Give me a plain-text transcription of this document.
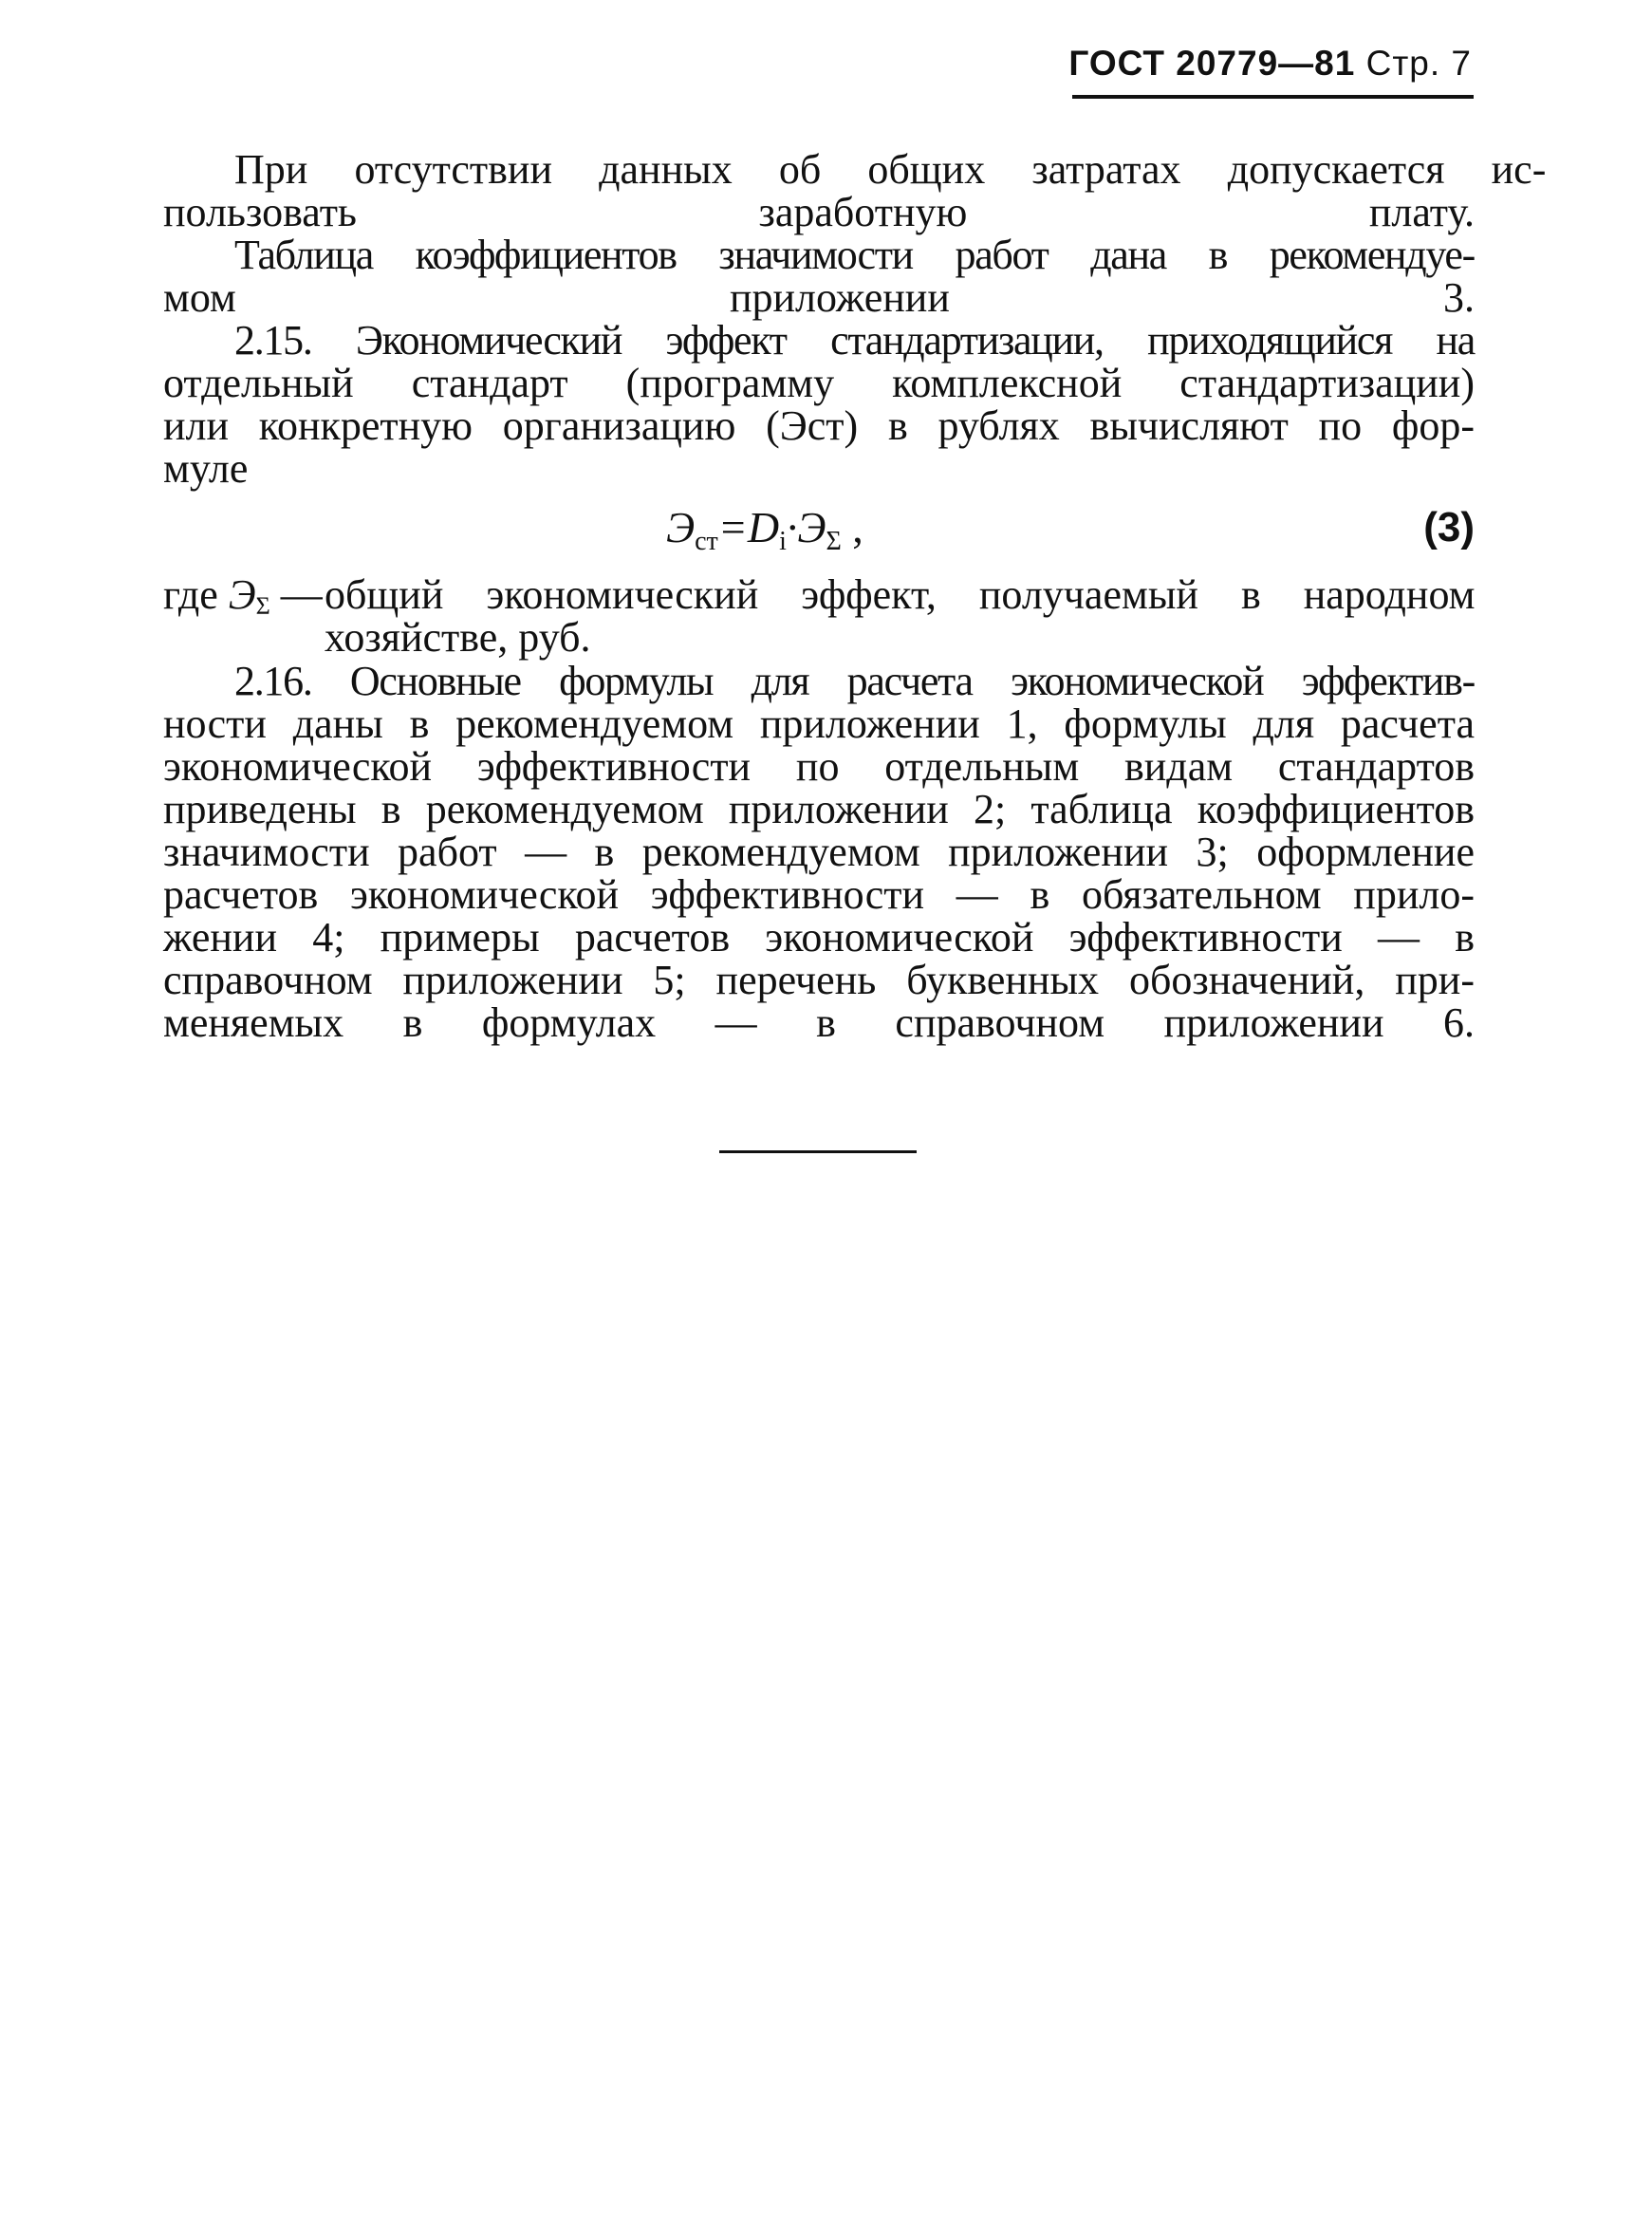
ГОСТ 20779—81 Стр. 7
При отсутствии данных об общих затратах допускается ис-
пользовать заработную плату.
Таблица коэффициентов значимости работ дана в рекомендуе-
мом приложении 3.
2.15. Экономический эффект стандартизации, приходящийся на
отдельный стандарт (программу комплексной стандартизации)
или конкретную организацию (Эст) в рублях вычисляют по фор-
муле
$Э_{ст}=D_i\cdot Э_\Sigma$ ,	(3)
где $Э_\Sigma$ — общий экономический эффект, получаемый в народном
хозяйстве, руб.
2.16. Основные формулы для расчета экономической эффектив-
ности даны в рекомендуемом приложении 1, формулы для расчета
экономической эффективности по отдельным видам стандартов
приведены в рекомендуемом приложении 2; таблица коэффициентов
значимости работ — в рекомендуемом приложении 3; оформление
расчетов экономической эффективности — в обязательном прило-
жении 4; примеры расчетов экономической эффективности — в
справочном приложении 5; перечень буквенных обозначений, при-
меняемых в формулах — в справочном приложении 6.
